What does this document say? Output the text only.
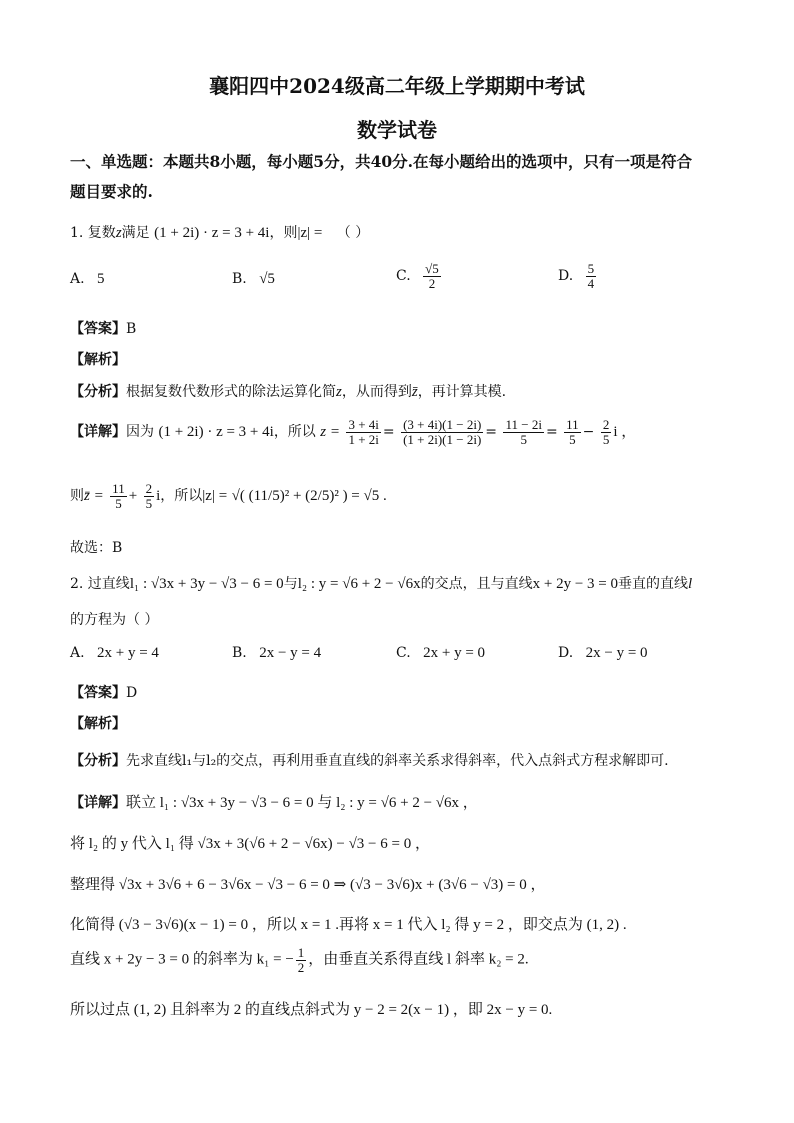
襄阳四中2024级高二年级上学期期中考试
数学试卷
一、单选题：本题共8小题，每小题5分，共40分.在每小题给出的选项中，只有一项是符合
题目要求的.
1. 复数z满足 (1 + 2i) · z = 3 + 4i，则|z| = （ ）
A. 5	B. √5	C. $\frac{√5}{2}$	D. $\frac{5}{4}$
【答案】B
【解析】
【分析】根据复数代数形式的除法运算化简z，从而得到z̄，再计算其模.
【详解】因为 (1 + 2i) · z = 3 + 4i，所以 $z = \frac{3 + 4i}{1 + 2i} = \frac{(3 + 4i)(1 - 2i)}{(1 + 2i)(1 - 2i)} = \frac{11 - 2i}{5} = \frac{11}{5} - \frac{2}{5}$ i ，
则z̄ = $\frac{11}{5} + \frac{2}{5}$ i，所以|z| = √( (11/5)² + (2/5)² ) = √5 .
故选：B
2. 过直线l₁ : √3x + 3y − √3 − 6 = 0与l₂ : y = √6 + 2 − √6x的交点，且与直线x + 2y − 3 = 0垂直的直线l
的方程为（ ）
A. 2x + y = 4	B. 2x − y = 4	C. 2x + y = 0	D. 2x − y = 0
【答案】D
【解析】
【分析】先求直线l₁与l₂的交点，再利用垂直直线的斜率关系求得斜率，代入点斜式方程求解即可.
【详解】联立 l₁ : √3x + 3y − √3 − 6 = 0 与 l₂ : y = √6 + 2 − √6x ，
将 l₂ 的 y 代入 l₁ 得 √3x + 3(√6 + 2 − √6x) − √3 − 6 = 0 ，
整理得 √3x + 3√6 + 6 − 3√6x − √3 − 6 = 0 ⇒ (√3 − 3√6)x + (3√6 − √3) = 0 ，
化简得 (√3 − 3√6)(x − 1) = 0 ，所以 x = 1 .再将 x = 1 代入 l₂ 得 y = 2 ，即交点为 (1, 2) .
直线 x + 2y − 3 = 0 的斜率为 k₁ = − $\frac{1}{2}$ ，由垂直关系得直线 l 斜率 k₂ = 2.
所以过点 (1, 2) 且斜率为 2 的直线点斜式为 y − 2 = 2(x − 1) ，即 2x − y = 0.
